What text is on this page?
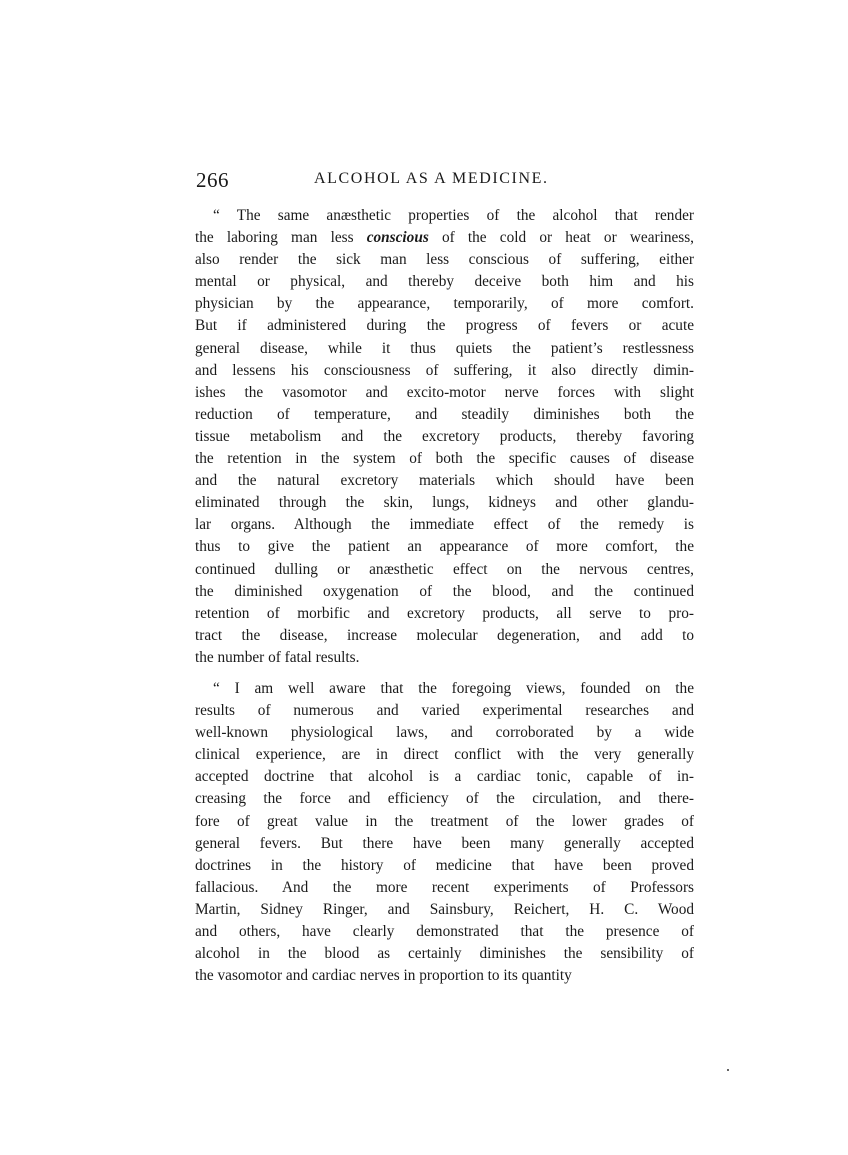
266	ALCOHOL AS A MEDICINE.

“ The same anæsthetic properties of the alcohol that render
the laboring man less conscious of the cold or heat or weariness,
also render the sick man less conscious of suffering, either
mental or physical, and thereby deceive both him and his
physician by the appearance, temporarily, of more comfort.
But if administered during the progress of fevers or acute
general disease, while it thus quiets the patient’s restlessness
and lessens his consciousness of suffering, it also directly dimin-
ishes the vasomotor and excito-motor nerve forces with slight
reduction of temperature, and steadily diminishes both the
tissue metabolism and the excretory products, thereby favoring
the retention in the system of both the specific causes of disease
and the natural excretory materials which should have been
eliminated through the skin, lungs, kidneys and other glandu-
lar organs. Although the immediate effect of the remedy is
thus to give the patient an appearance of more comfort, the
continued dulling or anæsthetic effect on the nervous centres,
the diminished oxygenation of the blood, and the continued
retention of morbific and excretory products, all serve to pro-
tract the disease, increase molecular degeneration, and add to
the number of fatal results.

“ I am well aware that the foregoing views, founded on the
results of numerous and varied experimental researches and
well-known physiological laws, and corroborated by a wide
clinical experience, are in direct conflict with the very generally
accepted doctrine that alcohol is a cardiac tonic, capable of in-
creasing the force and efficiency of the circulation, and there-
fore of great value in the treatment of the lower grades of
general fevers. But there have been many generally accepted
doctrines in the history of medicine that have been proved
fallacious. And the more recent experiments of Professors
Martin, Sidney Ringer, and Sainsbury, Reichert, H. C. Wood
and others, have clearly demonstrated that the presence of
alcohol in the blood as certainly diminishes the sensibility of
the vasomotor and cardiac nerves in proportion to its quantity
